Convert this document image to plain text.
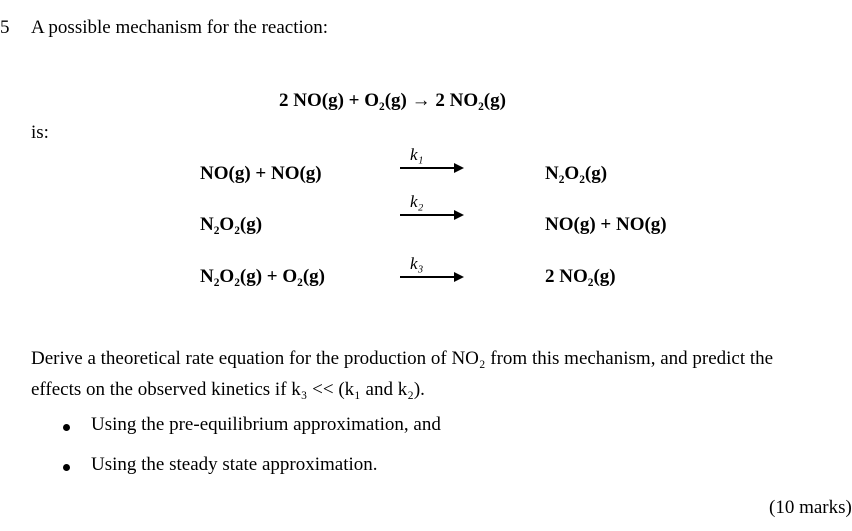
5 A possible mechanism for the reaction:
2 NO(g) + O₂(g) → 2 NO₂(g)
is:
NO(g) + NO(g)
k₁
N₂O₂(g)
N₂O₂(g)
k₂
NO(g) + NO(g)
N₂O₂(g) + O₂(g)
k₃
2 NO₂(g)

Derive a theoretical rate equation for the production of NO₂ from this mechanism, and predict the

effects on the observed kinetics if k₃ << (k₁ and k₂).

Using the pre-equilibrium approximation, and
Using the steady state approximation.
(10 marks)
